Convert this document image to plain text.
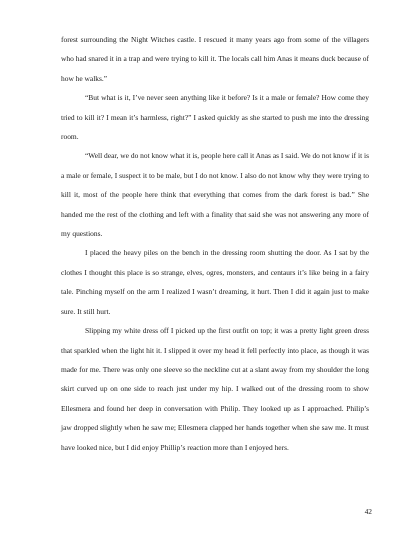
forest surrounding the Night Witches castle. I rescued it many years ago from some of the villagers who had snared it in a trap and were trying to kill it. The locals call him Anas it means duck because of how he walks.”

“But what is it, I’ve never seen anything like it before? Is it a male or female? How come they tried to kill it? I mean it’s harmless, right?” I asked quickly as she started to push me into the dressing room.

“Well dear, we do not know what it is, people here call it Anas as I said. We do not know if it is a male or female, I suspect it to be male, but I do not know. I also do not know why they were trying to kill it, most of the people here think that everything that comes from the dark forest is bad.” She handed me the rest of the clothing and left with a finality that said she was not answering any more of my questions.

I placed the heavy piles on the bench in the dressing room shutting the door. As I sat by the clothes I thought this place is so strange, elves, ogres, monsters, and centaurs it’s like being in a fairy tale. Pinching myself on the arm I realized I wasn’t dreaming, it hurt. Then I did it again just to make sure. It still hurt.

Slipping my white dress off I picked up the first outfit on top; it was a pretty light green dress that sparkled when the light hit it. I slipped it over my head it fell perfectly into place, as though it was made for me. There was only one sleeve so the neckline cut at a slant away from my shoulder the long skirt curved up on one side to reach just under my hip. I walked out of the dressing room to show Ellesmera and found her deep in conversation with Philip. They looked up as I approached. Philip’s jaw dropped slightly when he saw me; Ellesmera clapped her hands together when she saw me. It must have looked nice, but I did enjoy Phillip’s reaction more than I enjoyed hers.

42
